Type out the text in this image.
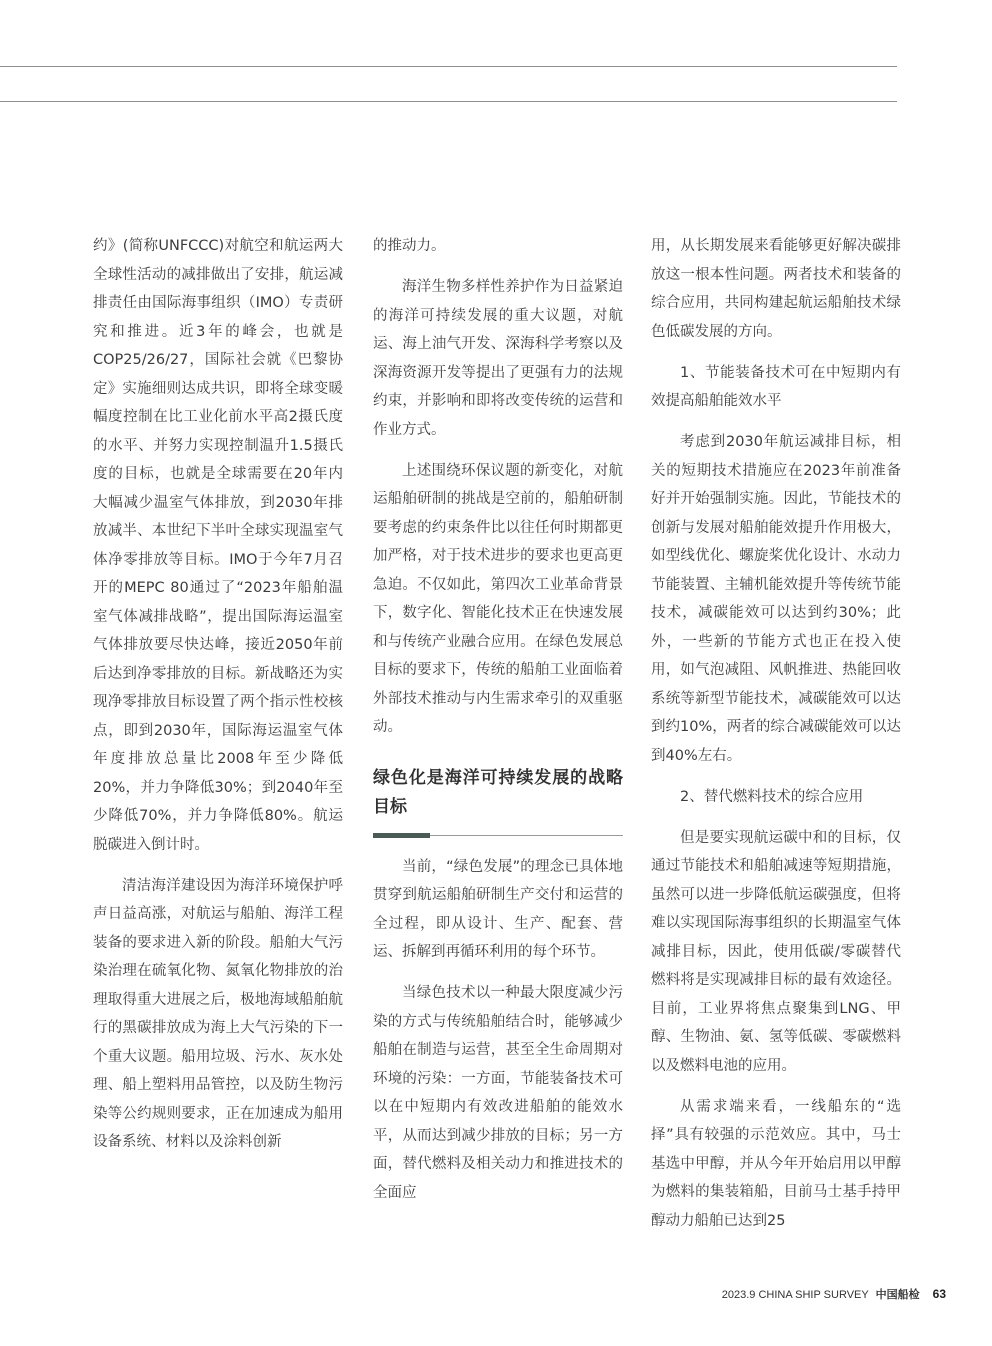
约》(简称UNFCCC)对航空和航运两大全球性活动的减排做出了安排，航运减排责任由国际海事组织（IMO）专责研究和推进。近3年的峰会，也就是COP25/26/27，国际社会就《巴黎协定》实施细则达成共识，即将全球变暖幅度控制在比工业化前水平高2摄氏度的水平、并努力实现控制温升1.5摄氏度的目标，也就是全球需要在20年内大幅减少温室气体排放，到2030年排放减半、本世纪下半叶全球实现温室气体净零排放等目标。IMO于今年7月召开的MEPC 80通过了“2023年船舶温室气体减排战略”，提出国际海运温室气体排放要尽快达峰，接近2050年前后达到净零排放的目标。新战略还为实现净零排放目标设置了两个指示性校核点，即到2030年，国际海运温室气体年度排放总量比2008年至少降低20%，并力争降低30%；到2040年至少降低70%，并力争降低80%。航运脱碳进入倒计时。

清洁海洋建设因为海洋环境保护呼声日益高涨，对航运与船舶、海洋工程装备的要求进入新的阶段。船舶大气污染治理在硫氧化物、氮氧化物排放的治理取得重大进展之后，极地海域船舶航行的黑碳排放成为海上大气污染的下一个重大议题。船用垃圾、污水、灰水处理、船上塑料用品管控，以及防生物污染等公约规则要求，正在加速成为船用设备系统、材料以及涂料创新

的推动力。

海洋生物多样性养护作为日益紧迫的海洋可持续发展的重大议题，对航运、海上油气开发、深海科学考察以及深海资源开发等提出了更强有力的法规约束，并影响和即将改变传统的运营和作业方式。

上述围绕环保议题的新变化，对航运船舶研制的挑战是空前的，船舶研制要考虑的约束条件比以往任何时期都更加严格，对于技术进步的要求也更高更急迫。不仅如此，第四次工业革命背景下，数字化、智能化技术正在快速发展和与传统产业融合应用。在绿色发展总目标的要求下，传统的船舶工业面临着外部技术推动与内生需求牵引的双重驱动。

绿色化是海洋可持续发展的战略目标

当前，“绿色发展”的理念已具体地贯穿到航运船舶研制生产交付和运营的全过程，即从设计、生产、配套、营运、拆解到再循环利用的每个环节。

当绿色技术以一种最大限度减少污染的方式与传统船舶结合时，能够减少船舶在制造与运营，甚至全生命周期对环境的污染：一方面，节能装备技术可以在中短期内有效改进船舶的能效水平，从而达到减少排放的目标；另一方面，替代燃料及相关动力和推进技术的全面应

用，从长期发展来看能够更好解决碳排放这一根本性问题。两者技术和装备的综合应用，共同构建起航运船舶技术绿色低碳发展的方向。

1、节能装备技术可在中短期内有效提高船舶能效水平

考虑到2030年航运减排目标，相关的短期技术措施应在2023年前准备好并开始强制实施。因此，节能技术的创新与发展对船舶能效提升作用极大，如型线优化、螺旋桨优化设计、水动力节能装置、主辅机能效提升等传统节能技术，减碳能效可以达到约30%；此外，一些新的节能方式也正在投入使用，如气泡减阻、风帆推进、热能回收系统等新型节能技术，减碳能效可以达到约10%，两者的综合减碳能效可以达到40%左右。

2、替代燃料技术的综合应用

但是要实现航运碳中和的目标，仅通过节能技术和船舶减速等短期措施，虽然可以进一步降低航运碳强度，但将难以实现国际海事组织的长期温室气体减排目标，因此，使用低碳/零碳替代燃料将是实现减排目标的最有效途径。目前，工业界将焦点聚集到LNG、甲醇、生物油、氨、氢等低碳、零碳燃料以及燃料电池的应用。

从需求端来看，一线船东的“选择”具有较强的示范效应。其中，马士基选中甲醇，并从今年开始启用以甲醇为燃料的集装箱船，目前马士基手持甲醇动力船舶已达到25

2023.9 CHINA SHIP SURVEY 中国船检 63
